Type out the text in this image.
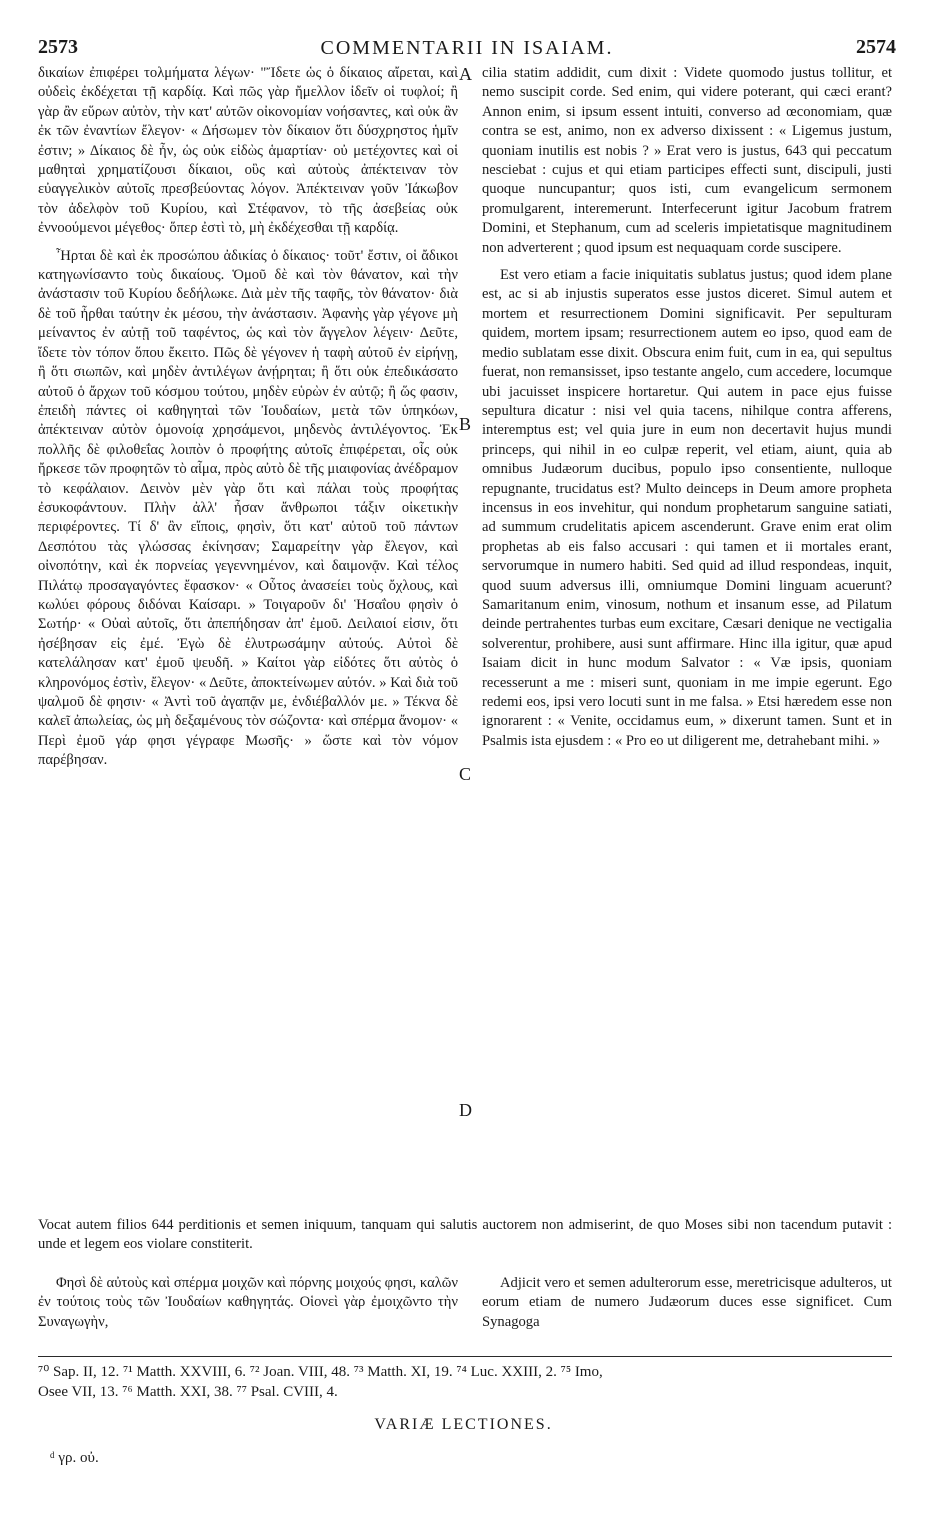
2573	COMMENTARII IN ISAIAM.	2574

δικαίων ἐπιφέρει τολμήματα λέγων· "Ἴδετε ὡς ὁ δίκαιος αἴρεται, καὶ οὐδεὶς ἐκδέχεται τῇ καρδίᾳ. Καὶ πῶς γὰρ ἤμελλον ἰδεῖν οἱ τυφλοί; ἢ γὰρ ἂν εὕρων αὐτὸν, τὴν κατ' αὐτῶν οἰκονομίαν νοήσαντες, καὶ οὐκ ἂν ἐκ τῶν ἐναντίων ἔλεγον· « Δήσωμεν τὸν δίκαιον ὅτι δύσχρηστος ἡμῖν ἐστιν; » Δίκαιος δὲ ἦν, ὡς οὐκ εἰδὼς ἁμαρτίαν· οὐ μετέχοντες καὶ οἱ μαθηταὶ χρηματίζουσι δίκαιοι, οὓς καὶ αὐτοὺς ἀπέκτειναν τὸν εὐαγγελικὸν αὐτοῖς πρεσβεύοντας λόγον. Ἀπέκτειναν γοῦν Ἰάκωβον τὸν ἀδελφὸν τοῦ Κυρίου, καὶ Στέφανον, τὸ τῆς ἀσεβείας οὐκ ἐννοούμενοι μέγεθος· ὅπερ ἐστὶ τὸ, μὴ ἐκδέχεσθαι τῇ καρδίᾳ.

Ἦρται δὲ καὶ ἐκ προσώπου ἀδικίας ὁ δίκαιος· τοῦτ' ἔστιν, οἱ ἄδικοι κατηγωνίσαντο τοὺς δικαίους. Ὁμοῦ δὲ καὶ τὸν θάνατον, καὶ τὴν ἀνάστασιν τοῦ Κυρίου δεδήλωκε. Διὰ μὲν τῆς ταφῆς, τὸν θάνατον· διὰ δὲ τοῦ ἦρθαι ταύτην ἐκ μέσου, τὴν ἀνάστασιν. Ἀφανὴς γὰρ γέγονε μὴ μείναντος ἐν αὐτῇ τοῦ ταφέντος, ὡς καὶ τὸν ἄγγελον λέγειν· Δεῦτε, ἴδετε τὸν τόπον ὅπου ἔκειτο. Πῶς δὲ γέγονεν ἡ ταφὴ αὐτοῦ ἐν εἰρήνῃ, ἢ ὅτι σιωπῶν, καὶ μηδὲν ἀντιλέγων ἀνῄρηται; ἢ ὅτι οὐκ ἐπεδικάσατο αὐτοῦ ὁ ἄρχων τοῦ κόσμου τούτου, μηδὲν εὑρὼν ἐν αὐτῷ; ἢ ὥς φασιν, ἐπειδὴ πάντες οἱ καθηγηταὶ τῶν Ἰουδαίων, μετὰ τῶν ὑπηκόων, ἀπέκτειναν αὐτὸν ὁμονοίᾳ χρησάμενοι, μηδενὸς ἀντιλέγοντος. Ἐκ πολλῆς δὲ φιλοθεΐας λοιπὸν ὁ προφήτης αὐτοῖς ἐπιφέρεται, οἷς οὐκ ἤρκεσε τῶν προφητῶν τὸ αἷμα, πρὸς αὐτὸ δὲ τῆς μιαιφονίας ἀνέδραμον τὸ κεφάλαιον. Δεινὸν μὲν γὰρ ὅτι καὶ πάλαι τοὺς προφήτας ἐσυκοφάντουν. Πλὴν ἀλλ' ἦσαν ἄνθρωποι τάξιν οἰκετικὴν περιφέροντες. Τί δ' ἂν εἴποις, φησὶν, ὅτι κατ' αὐτοῦ τοῦ πάντων Δεσπότου τὰς γλώσσας ἐκίνησαν; Σαμαρείτην γὰρ ἔλεγον, καὶ οἰνοπότην, καὶ ἐκ πορνείας γεγεννημένον, καὶ δαιμονᾷν. Καὶ τέλος Πιλάτῳ προσαγαγόντες ἔφασκον· « Οὗτος ἀνασείει τοὺς ὄχλους, καὶ κωλύει φόρους διδόναι Καίσαρι. » Τοιγαροῦν δι' Ἡσαΐου φησὶν ὁ Σωτήρ· « Οὐαὶ αὐτοῖς, ὅτι ἀπεπήδησαν ἀπ' ἐμοῦ. Δειλαιοί εἰσιν, ὅτι ἠσέβησαν εἰς ἐμέ. Ἐγὼ δὲ ἐλυτρωσάμην αὐτούς. Αὐτοὶ δὲ κατελάλησαν κατ' ἐμοῦ ψευδῆ. » Καίτοι γὰρ εἰδότες ὅτι αὐτὸς ὁ κληρονόμος ἐστὶν, ἔλεγον· « Δεῦτε, ἀποκτείνωμεν αὐτόν. » Καὶ διὰ τοῦ ψαλμοῦ δὲ φησιν· « Ἀντὶ τοῦ ἀγαπᾷν με, ἐνδιέβαλλόν με. » Τέκνα δὲ καλεῖ ἀπωλείας, ὡς μὴ δεξαμένους τὸν σώζοντα· καὶ σπέρμα ἄνομον· « Περὶ ἐμοῦ γάρ φησι γέγραφε Μωσῆς· » ὥστε καὶ τὸν νόμον παρέβησαν.

cilia statim addidit, cum dixit : Videte quomodo justus tollitur, et nemo suscipit corde. Sed enim, qui videre poterant, qui cæci erant? Annon enim, si ipsum essent intuiti, converso ad œconomiam, quæ contra se est, animo, non ex adverso dixissent : « Ligemus justum, quoniam inutilis est nobis ? » Erat vero is justus, 643 qui peccatum nesciebat : cujus et qui etiam participes effecti sunt, discipuli, justi quoque nuncupantur; quos isti, cum evangelicum sermonem promulgarent, interemerunt. Interfecerunt igitur Jacobum fratrem Domini, et Stephanum, cum ad sceleris impietatisque magnitudinem non adverterent ; quod ipsum est nequaquam corde suscipere.

Est vero etiam a facie iniquitatis sublatus justus; quod idem plane est, ac si ab injustis superatos esse justos diceret. Simul autem et mortem et resurrectionem Domini significavit. Per sepulturam quidem, mortem ipsam; resurrectionem autem eo ipso, quod eam de medio sublatam esse dixit. Obscura enim fuit, cum in ea, qui sepultus fuerat, non remansisset, ipso testante angelo, cum accedere, locumque ubi jacuisset inspicere hortaretur. Qui autem in pace ejus fuisse sepultura dicatur : nisi vel quia tacens, nihilque contra afferens, interemptus est; vel quia jure in eum non decertavit hujus mundi princeps, qui nihil in eo culpæ reperit, vel etiam, aiunt, quia ab omnibus Judæorum ducibus, populo ipso consentiente, nulloque repugnante, trucidatus est? Multo deinceps in Deum amore propheta incensus in eos invehitur, qui nondum prophetarum sanguine satiati, ad summum crudelitatis apicem ascenderunt. Grave enim erat olim prophetas ab eis falso accusari : qui tamen et ii mortales erant, servorumque in numero habiti. Sed quid ad illud respondeas, inquit, quod suum adversus illi, omniumque Domini linguam acuerunt? Samaritanum enim, vinosum, nothum et insanum esse, ad Pilatum deinde pertrahentes turbas eum excitare, Cæsari denique ne vectigalia solverentur, prohibere, ausi sunt affirmare. Hinc illa igitur, quæ apud Isaiam dicit in hunc modum Salvator : « Væ ipsis, quoniam recesserunt a me : miseri sunt, quoniam in me impie egerunt. Ego redemi eos, ipsi vero locuti sunt in me falsa. » Etsi hæredem esse non ignorarent : « Venite, occidamus eum, » dixerunt tamen. Sunt et in Psalmis ista ejusdem : « Pro eo ut diligerent me, detrahebant mihi. »

A
B
C
D
Vocat autem filios 644 perditionis et semen iniquum, tanquam qui salutis auctorem non admiserint, de quo Moses sibi non tacendum putavit : unde et legem eos violare constiterit.

Φησὶ δὲ αὐτοὺς καὶ σπέρμα μοιχῶν καὶ πόρνης μοιχούς φησι, καλῶν ἐν τούτοις τοὺς τῶν Ἰουδαίων καθηγητάς. Οἱονεὶ γὰρ ἐμοιχῶντο τὴν Συναγωγὴν,

Adjicit vero et semen adulterorum esse, meretricisque adulteros, ut eorum etiam de numero Judæorum duces esse significet. Cum Synagoga

⁷⁰ Sap. II, 12. ⁷¹ Matth. XXVIII, 6. ⁷² Joan. VIII, 48. ⁷³ Matth. XI, 19. ⁷⁴ Luc. XXIII, 2. ⁷⁵ Imo,
Osee VII, 13. ⁷⁶ Matth. XXI, 38. ⁷⁷ Psal. CVIII, 4.
VARIÆ LECTIONES.
ᵈ γρ. οὐ.
